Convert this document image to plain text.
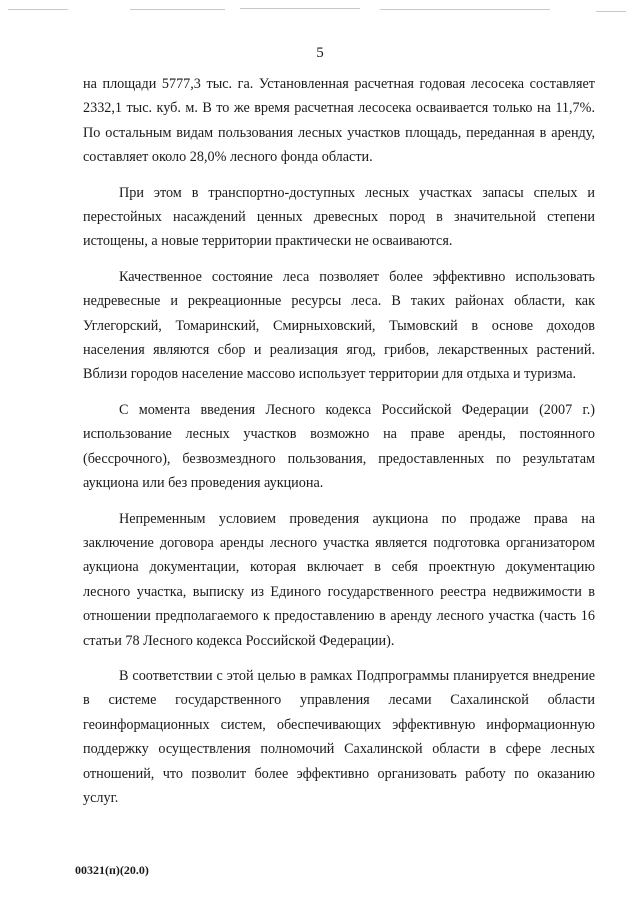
5

на площади 5777,3 тыс. га. Установленная расчетная годовая лесосека составляет 2332,1 тыс. куб. м. В то же время расчетная лесосека осваивается только на 11,7%. По остальным видам пользования лесных участков площадь, переданная в аренду, составляет около 28,0% лесного фонда области.

При этом в транспортно-доступных лесных участках запасы спелых и перестойных насаждений ценных древесных пород в значительной степени истощены, а новые территории практически не осваиваются.

Качественное состояние леса позволяет более эффективно использовать недревесные и рекреационные ресурсы леса. В таких районах области, как Углегорский, Томаринский, Смирныховский, Тымовский в основе доходов населения являются сбор и реализация ягод, грибов, лекарственных растений. Вблизи городов население массово использует территории для отдыха и туризма.

С момента введения Лесного кодекса Российской Федерации (2007 г.) использование лесных участков возможно на праве аренды, постоянного (бессрочного), безвозмездного пользования, предоставленных по результатам аукциона или без проведения аукциона.

Непременным условием проведения аукциона по продаже права на заключение договора аренды лесного участка является подготовка организатором аукциона документации, которая включает в себя проектную документацию лесного участка, выписку из Единого государственного реестра недвижимости в отношении предполагаемого к предоставлению в аренду лесного участка (часть 16 статьи 78 Лесного кодекса Российской Федерации).

В соответствии с этой целью в рамках Подпрограммы планируется внедрение в системе государственного управления лесами Сахалинской области геоинформационных систем, обеспечивающих эффективную информационную поддержку осуществления полномочий Сахалинской области в сфере лесных отношений, что позволит более эффективно организовать работу по оказанию услуг.

00321(п)(20.0)
